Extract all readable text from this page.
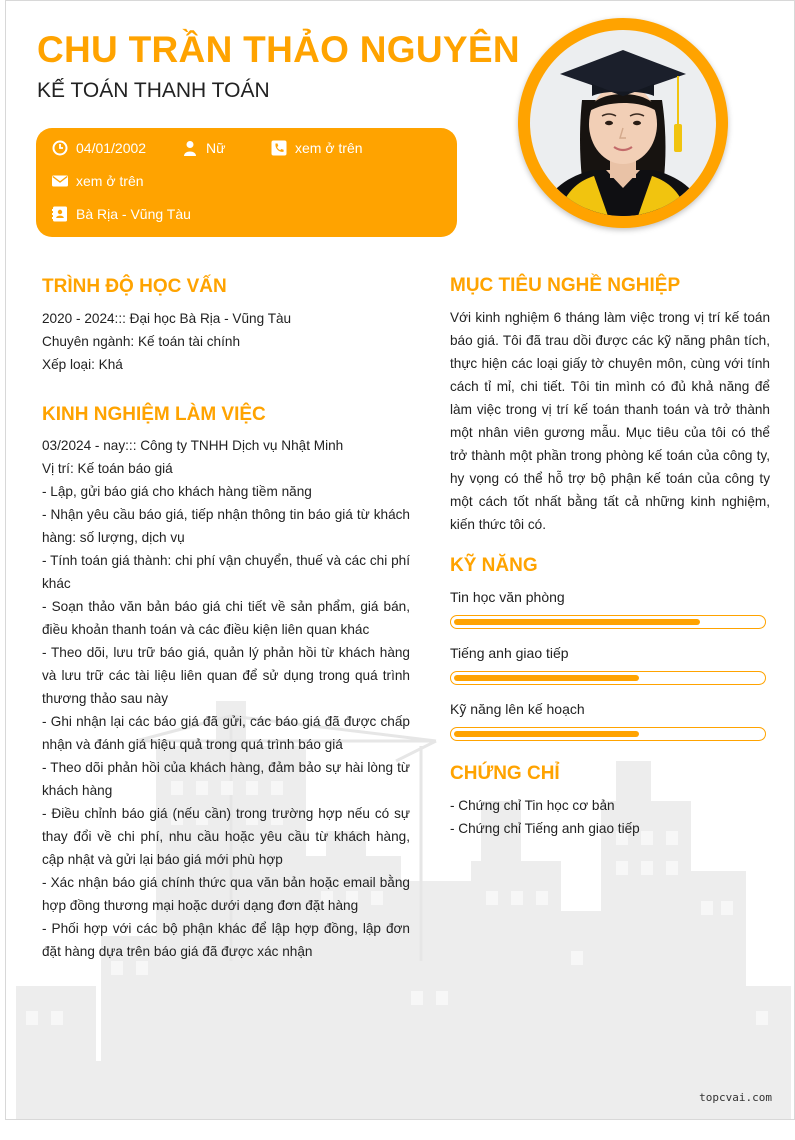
CHU TRẦN THẢO NGUYÊN
KẾ TOÁN THANH TOÁN
04/01/2002	Nữ	xem ở trên
xem ở trên
Bà Rịa - Vũng Tàu
TRÌNH ĐỘ HỌC VẤN

2020 - 2024::: Đại học Bà Rịa - Vũng Tàu

Chuyên ngành: Kế toán tài chính

Xếp loại: Khá

KINH NGHIỆM LÀM VIỆC

03/2024 - nay::: Công ty TNHH Dịch vụ Nhật Minh

Vị trí: Kế toán báo giá

- Lập, gửi báo giá cho khách hàng tiềm năng

- Nhận yêu cầu báo giá, tiếp nhận thông tin báo giá từ khách hàng: số lượng, dịch vụ

- Tính toán giá thành: chi phí vận chuyển, thuế và các chi phí khác

- Soạn thảo văn bản báo giá chi tiết về sản phẩm, giá bán, điều khoản thanh toán và các điều kiện liên quan khác

- Theo dõi, lưu trữ báo giá, quản lý phản hồi từ khách hàng và lưu trữ các tài liệu liên quan để sử dụng trong quá trình thương thảo sau này

- Ghi nhận lại các báo giá đã gửi, các báo giá đã được chấp nhận và đánh giá hiệu quả trong quá trình báo giá

- Theo dõi phản hồi của khách hàng, đảm bảo sự hài lòng từ khách hàng

- Điều chỉnh báo giá (nếu cần) trong trường hợp nếu có sự thay đổi về chi phí, nhu cầu hoặc yêu cầu từ khách hàng, cập nhật và gửi lại báo giá mới phù hợp

- Xác nhận báo giá chính thức qua văn bản hoặc email bằng hợp đồng thương mại hoặc dưới dạng đơn đặt hàng

- Phối hợp với các bộ phận khác để lập hợp đồng, lập đơn đặt hàng dựa trên báo giá đã được xác nhận

MỤC TIÊU NGHỀ NGHIỆP

Với kinh nghiệm 6 tháng làm việc trong vị trí kế toán báo giá. Tôi đã trau dồi được các kỹ năng phân tích, thực hiện các loại giấy tờ chuyên môn, cùng với tính cách tỉ mỉ, chi tiết. Tôi tin mình có đủ khả năng để làm việc trong vị trí kế toán thanh toán và trở thành một nhân viên gương mẫu. Mục tiêu của tôi có thể trở thành một phần trong phòng kế toán của công ty, hy vọng có thể hỗ trợ bộ phận kế toán của công ty một cách tốt nhất bằng tất cả những kinh nghiệm, kiến thức tôi có.

KỸ NĂNG
Tin học văn phòng
Tiếng anh giao tiếp
Kỹ năng lên kế hoạch
CHỨNG CHỈ

- Chứng chỉ Tin học cơ bản

- Chứng chỉ Tiếng anh giao tiếp

topcvai.com
